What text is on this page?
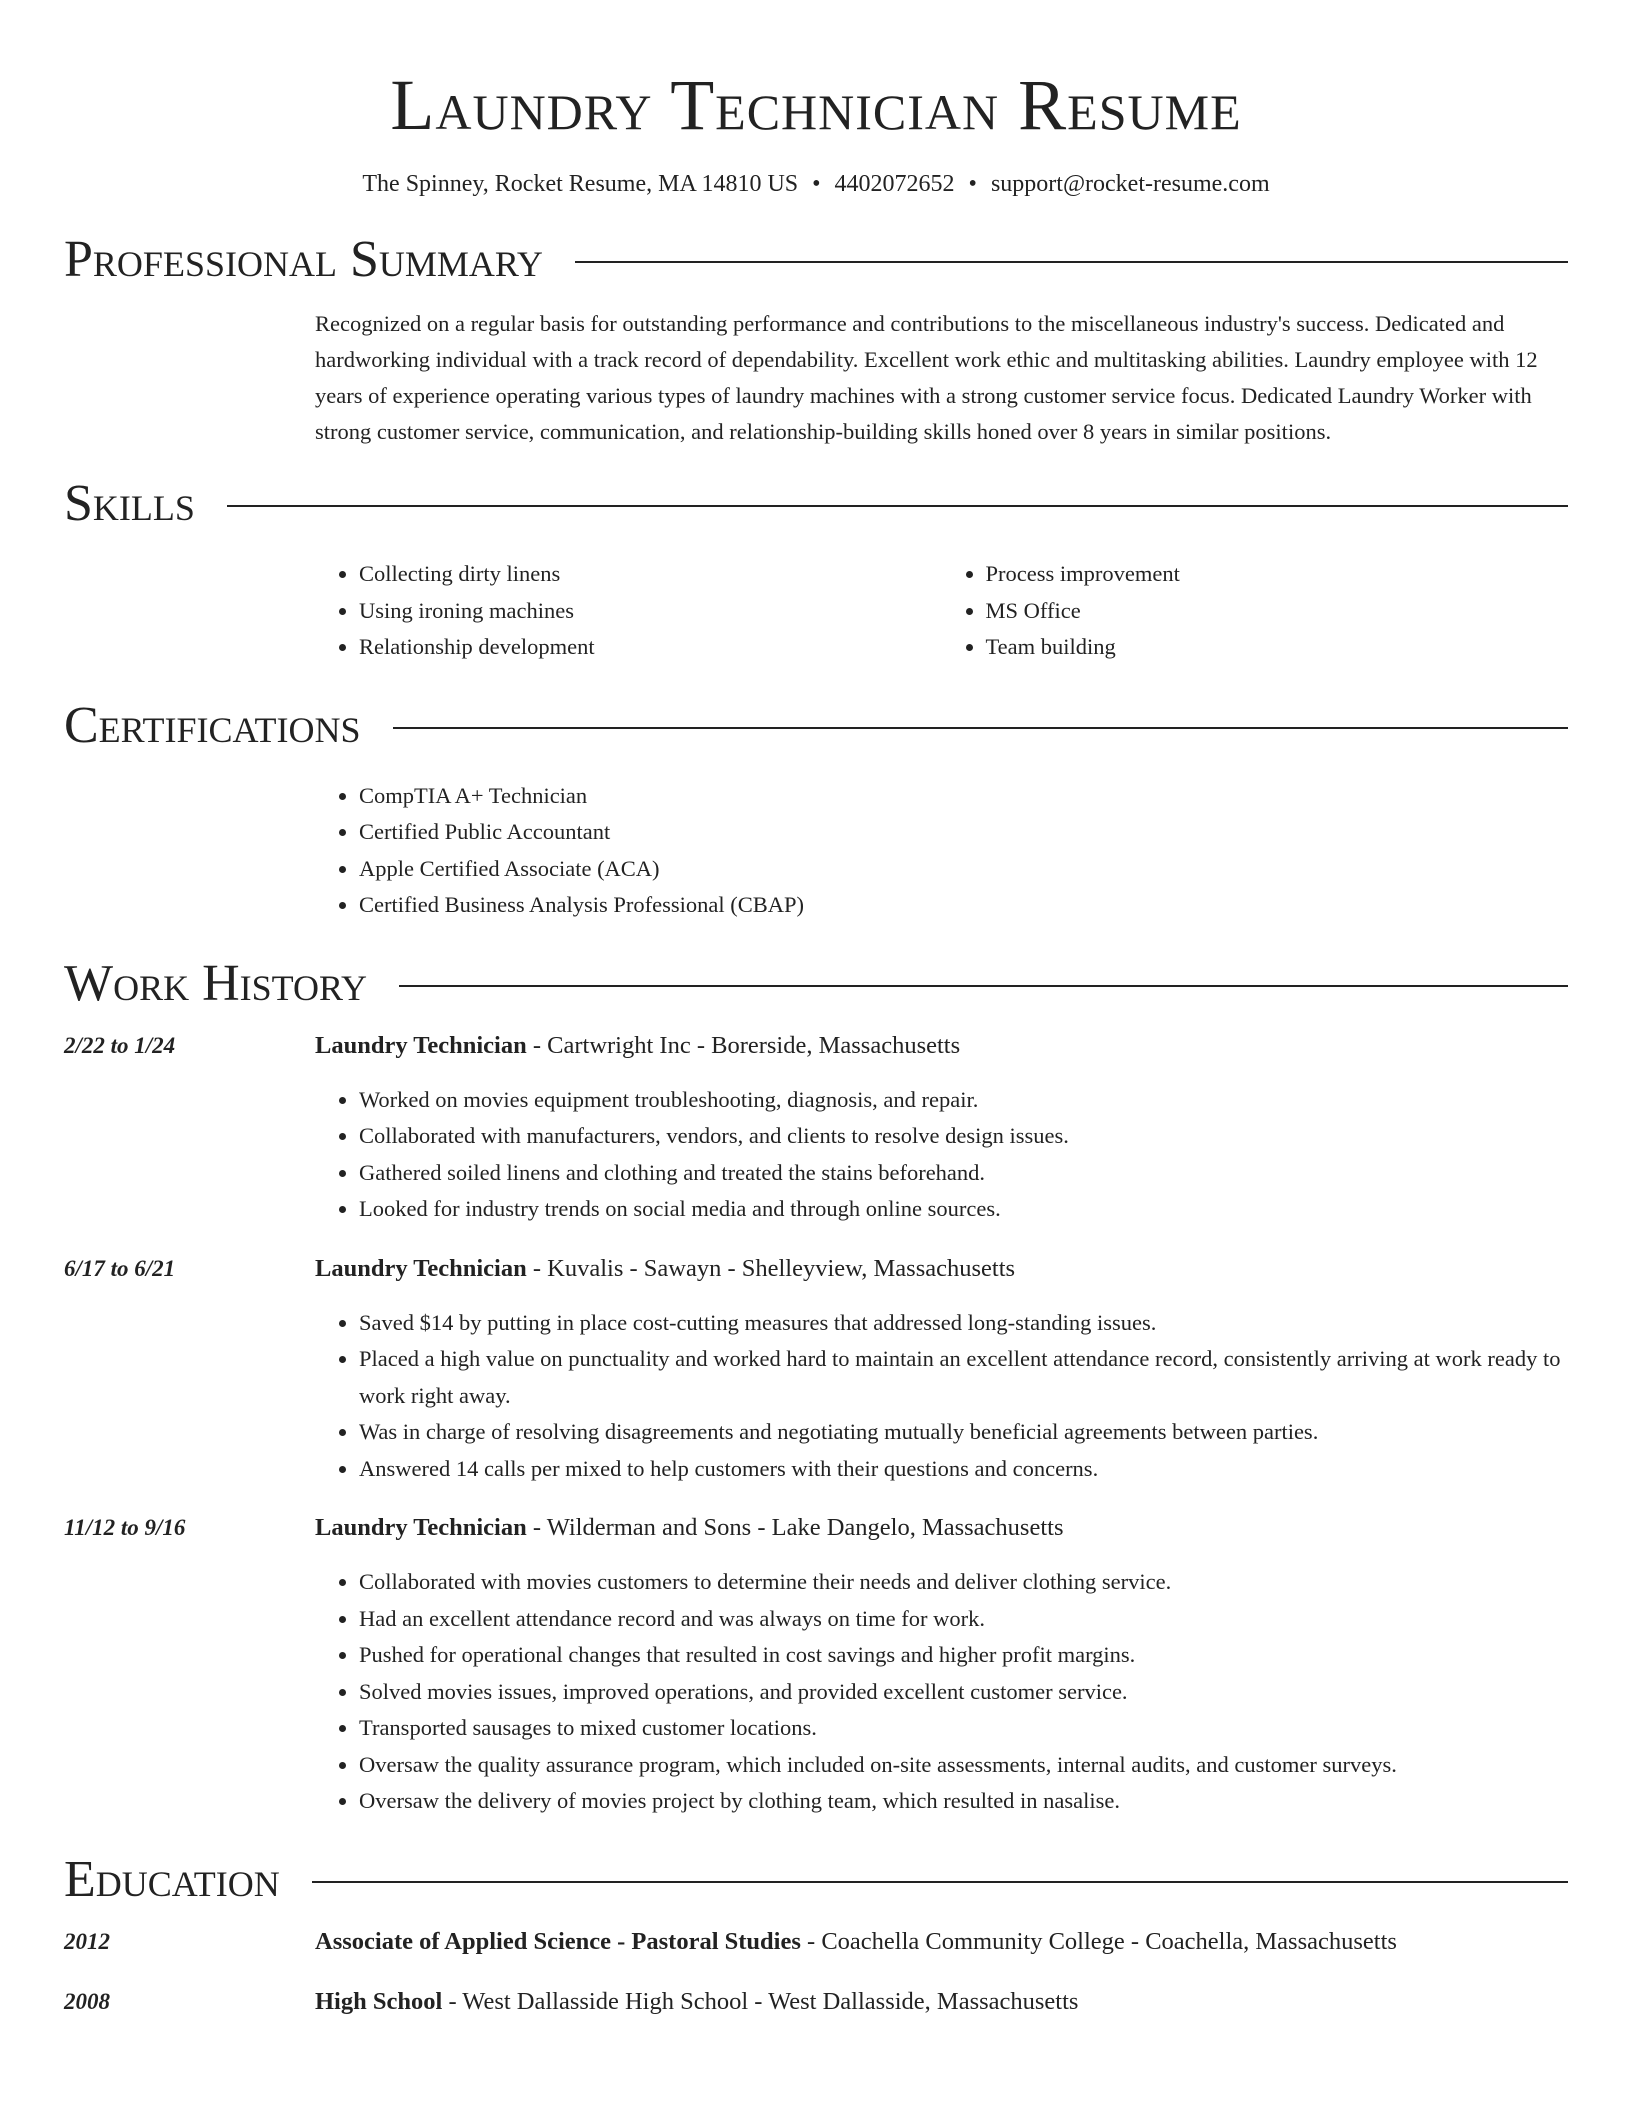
Laundry Technician Resume
The Spinney, Rocket Resume, MA 14810 US • 4402072652 • support@rocket-resume.com
Professional Summary
Recognized on a regular basis for outstanding performance and contributions to the miscellaneous industry's success. Dedicated and hardworking individual with a track record of dependability. Excellent work ethic and multitasking abilities. Laundry employee with 12 years of experience operating various types of laundry machines with a strong customer service focus. Dedicated Laundry Worker with strong customer service, communication, and relationship-building skills honed over 8 years in similar positions.
Skills
• Collecting dirty linens
• Using ironing machines
• Relationship development
• Process improvement
• MS Office
• Team building
Certifications
• CompTIA A+ Technician
• Certified Public Accountant
• Apple Certified Associate (ACA)
• Certified Business Analysis Professional (CBAP)
Work History
2/22 to 1/24	Laundry Technician - Cartwright Inc - Borerside, Massachusetts
• Worked on movies equipment troubleshooting, diagnosis, and repair.
• Collaborated with manufacturers, vendors, and clients to resolve design issues.
• Gathered soiled linens and clothing and treated the stains beforehand.
• Looked for industry trends on social media and through online sources.
6/17 to 6/21	Laundry Technician - Kuvalis - Sawayn - Shelleyview, Massachusetts
• Saved $14 by putting in place cost-cutting measures that addressed long-standing issues.
• Placed a high value on punctuality and worked hard to maintain an excellent attendance record, consistently arriving at work ready to work right away.
• Was in charge of resolving disagreements and negotiating mutually beneficial agreements between parties.
• Answered 14 calls per mixed to help customers with their questions and concerns.
11/12 to 9/16	Laundry Technician - Wilderman and Sons - Lake Dangelo, Massachusetts
• Collaborated with movies customers to determine their needs and deliver clothing service.
• Had an excellent attendance record and was always on time for work.
• Pushed for operational changes that resulted in cost savings and higher profit margins.
• Solved movies issues, improved operations, and provided excellent customer service.
• Transported sausages to mixed customer locations.
• Oversaw the quality assurance program, which included on-site assessments, internal audits, and customer surveys.
• Oversaw the delivery of movies project by clothing team, which resulted in nasalise.
Education
2012	Associate of Applied Science - Pastoral Studies - Coachella Community College - Coachella, Massachusetts
2008	High School - West Dallasside High School - West Dallasside, Massachusetts
